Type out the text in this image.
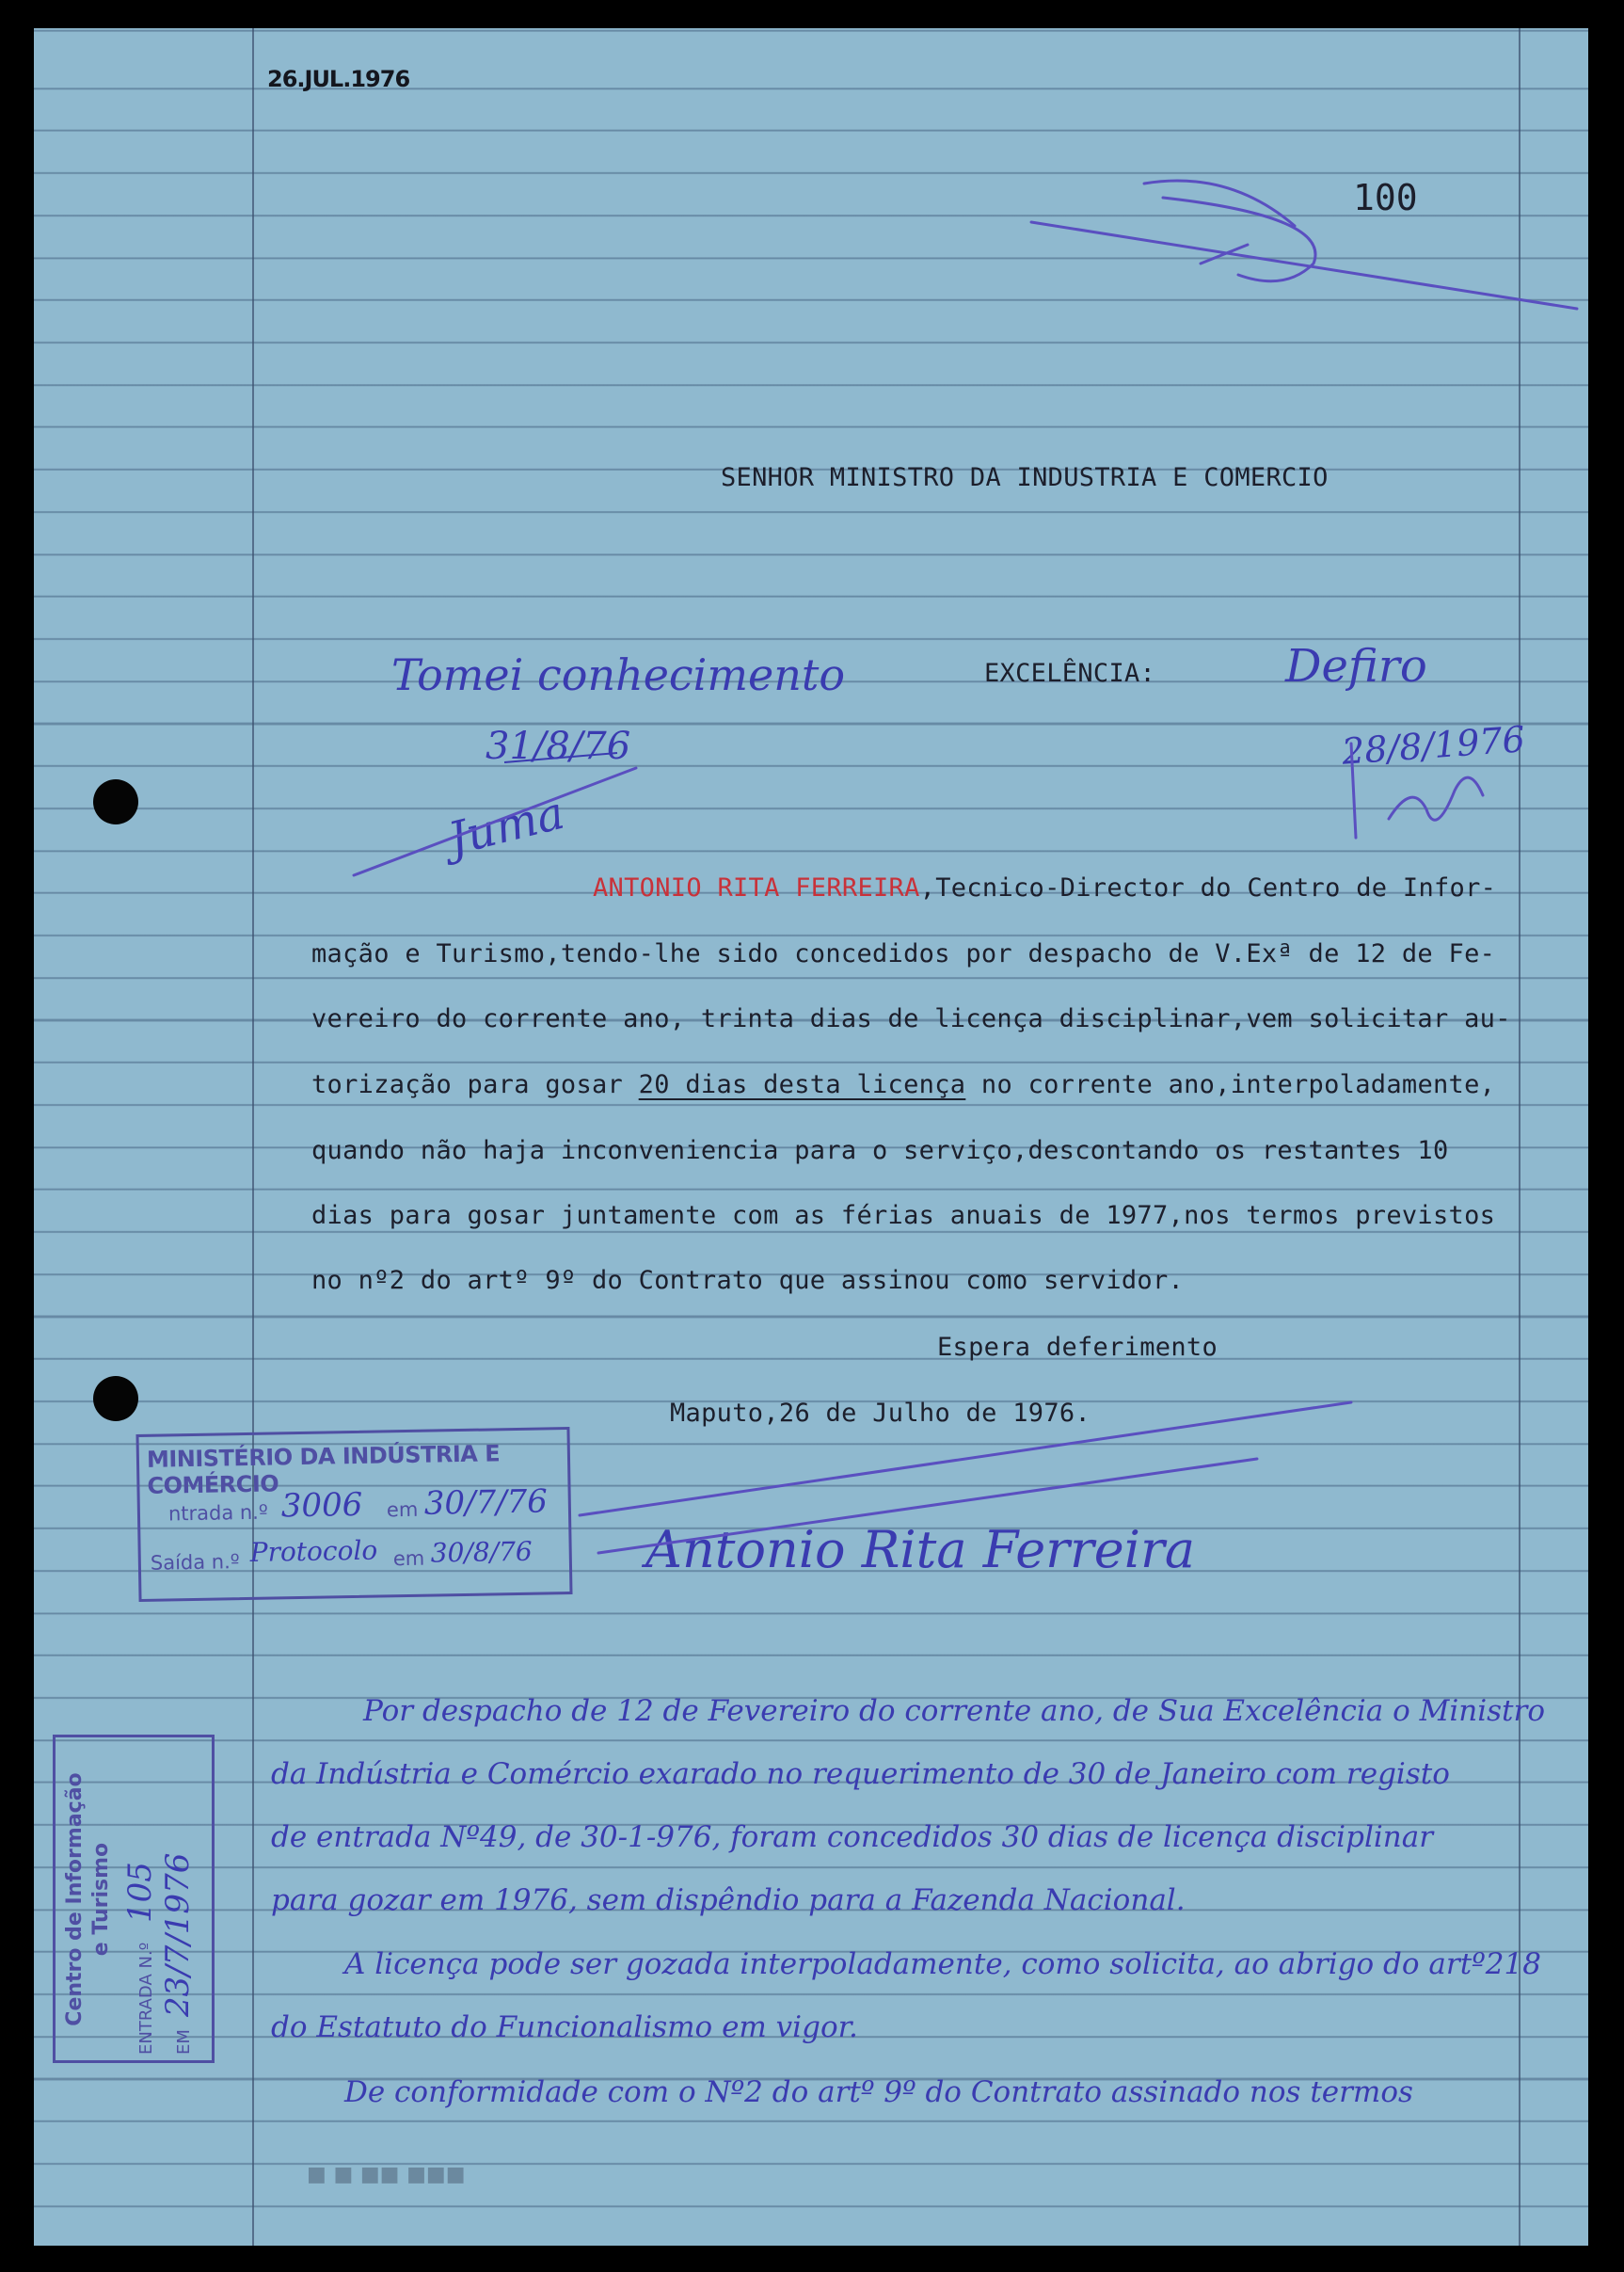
26.JUL.1976
100
SENHOR MINISTRO DA INDUSTRIA E COMERCIO
Tomei conhecimento
31/8/76
Juma
EXCELÊNCIA:	Defiro
28/8/1976
ANTONIO RITA FERREIRA,Tecnico-Director do Centro de Infor-
mação e Turismo,tendo-lhe sido concedidos por despacho de V.Exª de 12 de Fe-
vereiro do corrente ano, trinta dias de licença disciplinar,vem solicitar au-
torização para gosar 20 dias desta licença no corrente ano,interpoladamente,
quando não haja inconveniencia para o serviço,descontando os restantes 10
dias para gosar juntamente com as férias anuais de 1977,nos termos previstos
no nº2 do artº 9º do Contrato que assinou como servidor.
Espera deferimento
Maputo,26 de Julho de 1976.
Antonio Rita Ferreira
MINISTÉRIO DA INDÚSTRIA E COMÉRCIO
ntrada n.º 3006 em 30/7/76
Saída n.º Protocolo em 30/8/76
Centro de Informação e Turismo
ENTRADA N.º
105
EM
23/7/1976
Por despacho de 12 de Fevereiro do corrente ano, de Sua Excelência o Ministro
da Indústria e Comércio exarado no requerimento de 30 de Janeiro com registo
de entrada Nº49, de 30-1-976, foram concedidos 30 dias de licença disciplinar
para gozar em 1976, sem dispêndio para a Fazenda Nacional.
A licença pode ser gozada interpoladamente, como solicita, ao abrigo do artº218
do Estatuto do Funcionalismo em vigor.
De conformidade com o Nº2 do artº 9º do Contrato assinado nos termos
■ ■ ■■ ■■■
